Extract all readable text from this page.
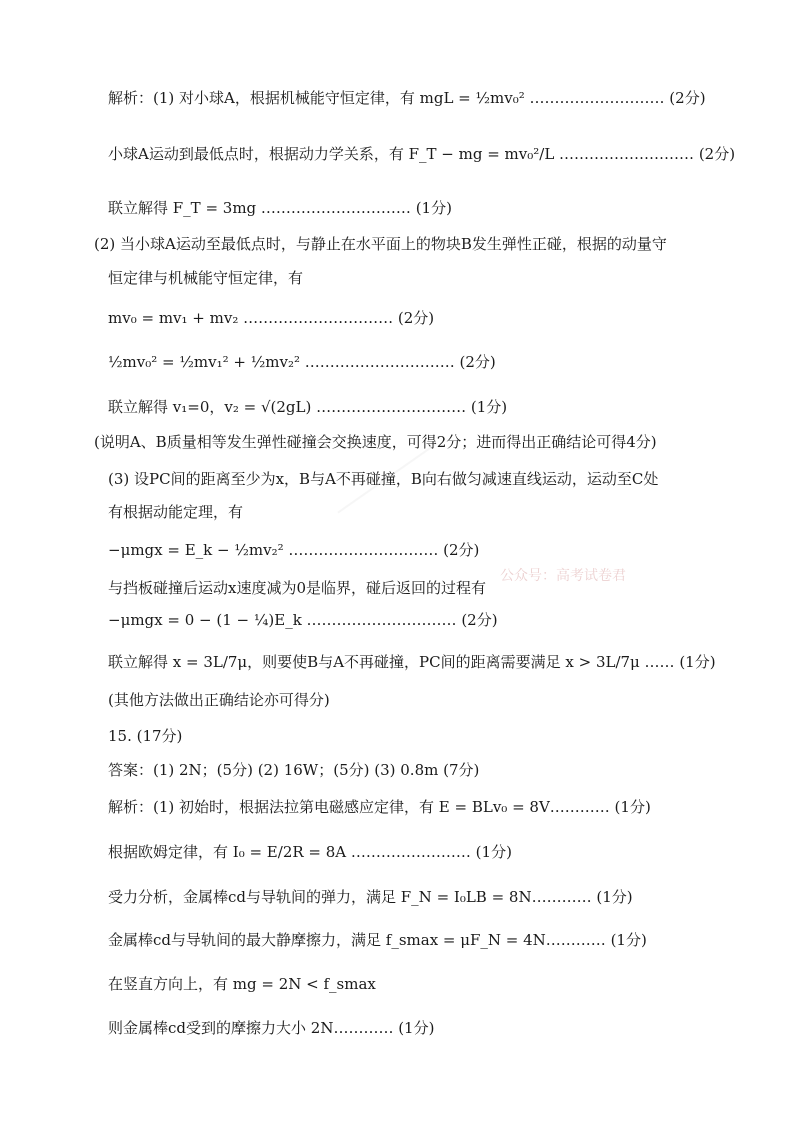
解析：(1) 对小球A，根据机械能守恒定律，有 mgL = ½mv₀² ……………………… (2分)
小球A运动到最低点时，根据动力学关系，有 F_T − mg = mv₀²/L ……………………… (2分)
联立解得 F_T = 3mg ………………………… (1分)
(2) 当小球A运动至最低点时，与静止在水平面上的物块B发生弹性正碰，根据的动量守
恒定律与机械能守恒定律，有
mv₀ = mv₁ + mv₂ ………………………… (2分)
½mv₀² = ½mv₁² + ½mv₂² ………………………… (2分)
联立解得 v₁=0，v₂ = √(2gL) ………………………… (1分)
(说明A、B质量相等发生弹性碰撞会交换速度，可得2分；进而得出正确结论可得4分)
(3) 设PC间的距离至少为x，B与A不再碰撞，B向右做匀减速直线运动，运动至C处
有根据动能定理，有
−μmgx = E_k − ½mv₂² ………………………… (2分)
与挡板碰撞后运动x速度减为0是临界，碰后返回的过程有
−μmgx = 0 − (1 − ¼)E_k ………………………… (2分)
联立解得 x = 3L/7μ，则要使B与A不再碰撞，PC间的距离需要满足 x > 3L/7μ …… (1分)
(其他方法做出正确结论亦可得分)
15. (17分)
答案：(1) 2N；(5分) (2) 16W；(5分) (3) 0.8m (7分)
解析：(1) 初始时，根据法拉第电磁感应定律，有 E = BLv₀ = 8V………… (1分)
根据欧姆定律，有 I₀ = E/2R = 8A …………………… (1分)
受力分析，金属棒cd与导轨间的弹力，满足 F_N = I₀LB = 8N………… (1分)
金属棒cd与导轨间的最大静摩擦力，满足 f_smax = μF_N = 4N………… (1分)
在竖直方向上，有 mg = 2N < f_smax
则金属棒cd受到的摩擦力大小 2N………… (1分)
公众号：高考试卷君
